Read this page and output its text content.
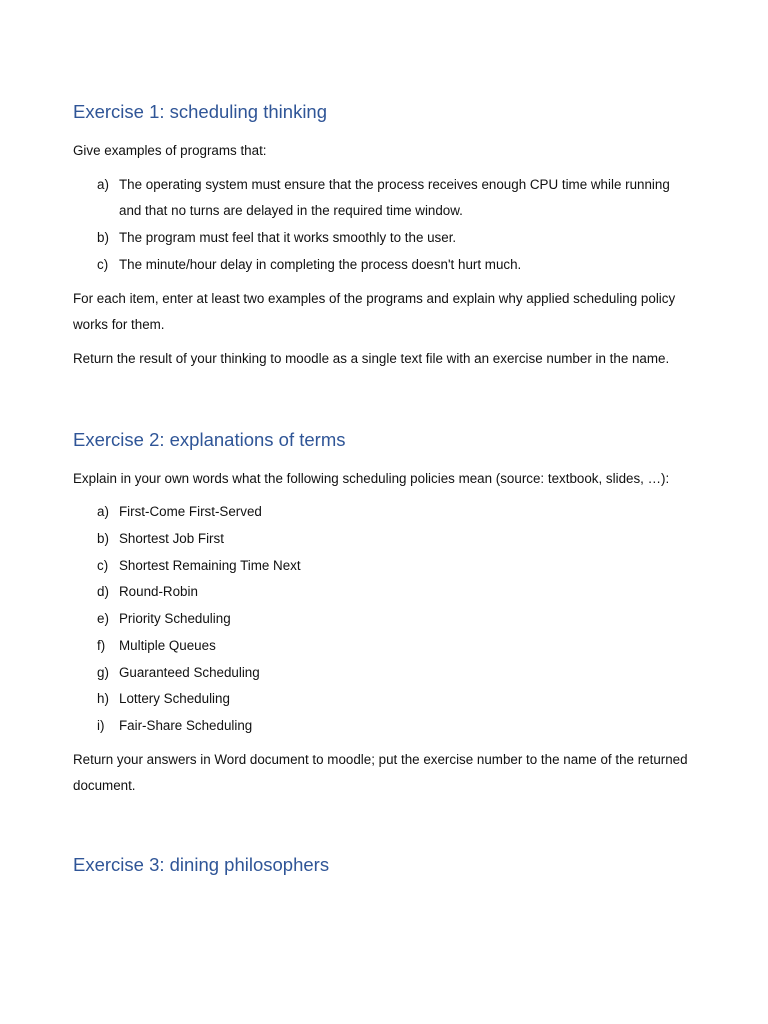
Exercise 1: scheduling thinking

Give examples of programs that:

a) The operating system must ensure that the process receives enough CPU time while running and that no turns are delayed in the required time window.
b) The program must feel that it works smoothly to the user.
c) The minute/hour delay in completing the process doesn't hurt much.

For each item, enter at least two examples of the programs and explain why applied scheduling policy works for them.

Return the result of your thinking to moodle as a single text file with an exercise number in the name.

Exercise 2: explanations of terms

Explain in your own words what the following scheduling policies mean (source: textbook, slides, …):

a) First-Come First-Served
b) Shortest Job First
c) Shortest Remaining Time Next
d) Round-Robin
e) Priority Scheduling
f) Multiple Queues
g) Guaranteed Scheduling
h) Lottery Scheduling
i) Fair-Share Scheduling

Return your answers in Word document to moodle; put the exercise number to the name of the returned document.

Exercise 3: dining philosophers
